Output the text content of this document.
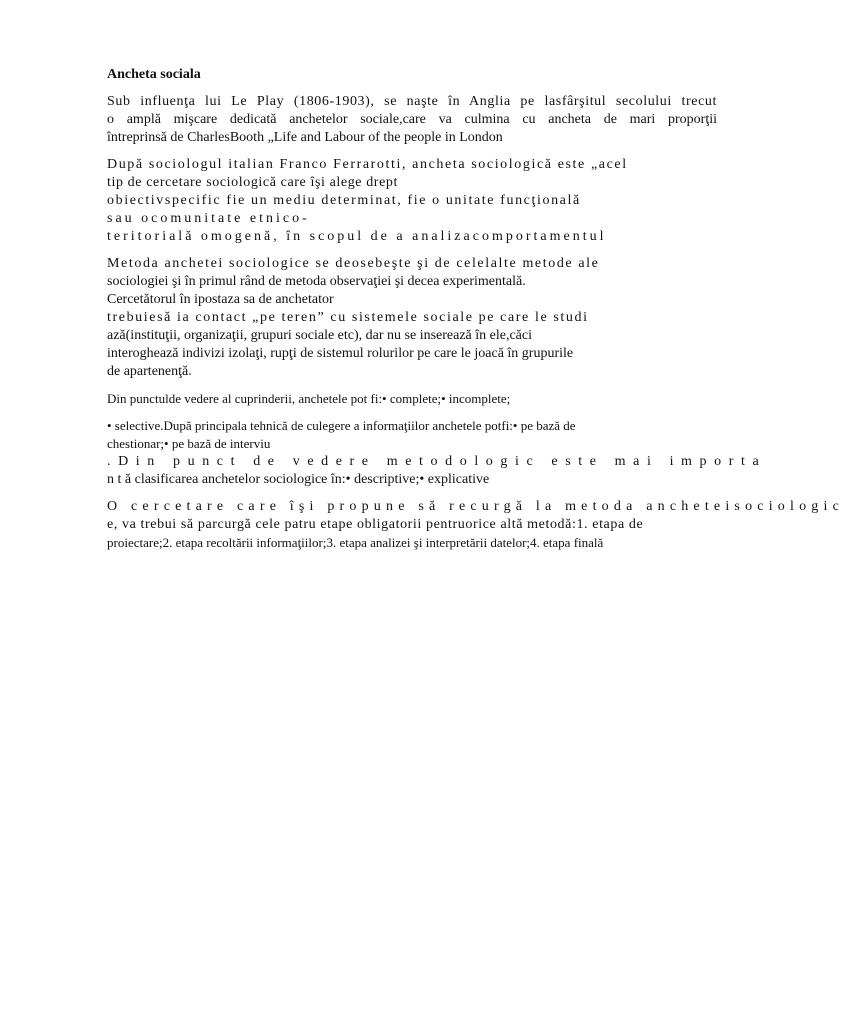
Ancheta sociala
Sub influenţa lui Le Play (1806-1903), se naşte în Anglia pe lasfârşitul secolului trecut
o amplă mişcare dedicată anchetelor sociale,care va culmina cu ancheta de mari proporţii
întreprinsă de CharlesBooth „Life and Labour of the people in London
După sociologul italian Franco Ferrarotti, ancheta sociologică este „acel
tip de cercetare sociologică care îşi alege drept
obiectivspecific fie un mediu determinat, fie o unitate funcţională
sau ocomunitate etnico-
teritorială omogenă, în scopul de a analizacomportamentul
Metoda anchetei sociologice se deosebeşte şi de celelalte metode ale
sociologiei şi în primul rând de metoda observaţiei şi decea experimentală.
Cercetătorul în ipostaza sa de anchetator
trebuiesă ia contact „pe teren” cu sistemele sociale pe care le studi
ază(instituţii, organizaţii, grupuri sociale etc), dar nu se inserează în ele,căci
interoghează indivizi izolaţi, rupţi de sistemul rolurilor pe care le joacă în grupurile
de apartenenţă.
Din punctulde vedere al cuprinderii, anchetele pot fi:• complete;• incomplete;
• selective.După principala tehnică de culegere a informaţiilor anchetele potfi:• pe bază de
chestionar;• pe bază de interviu
.Din punct de vedere metodologic este mai importa
n t ă clasificarea anchetelor sociologice în:• descriptive;• explicative
O cercetare care îşi propune să recurgă la metoda ancheteisociologic
e, va trebui să parcurgă cele patru etape obligatorii pentruorice altă metodă:1. etapa de
proiectare;2. etapa recoltării informaţiilor;3. etapa analizei şi interpretării datelor;4. etapa finală
